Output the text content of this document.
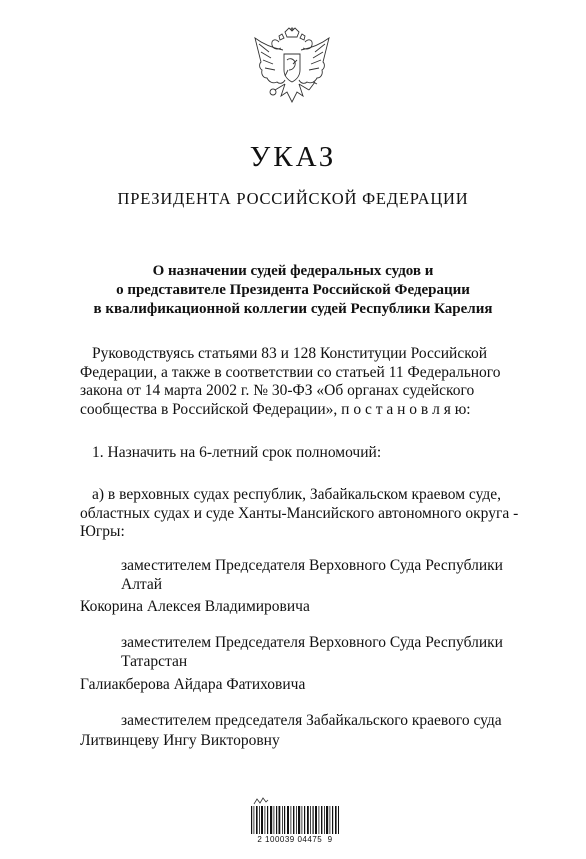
УКАЗ
ПРЕЗИДЕНТА РОССИЙСКОЙ ФЕДЕРАЦИИ
О назначении судей федеральных судов и
о представителе Президента Российской Федерации
в квалификационной коллегии судей Республики Карелия
Руководствуясь статьями 83 и 128 Конституции Российской
Федерации, а также в соответствии со статьей 11 Федерального
закона от 14 марта 2002 г. № 30-ФЗ «Об органах судейского
сообщества в Российской Федерации», п о с т а н о в л я ю:
1. Назначить на 6-летний срок полномочий:
а) в верховных судах республик, Забайкальском краевом суде,
областных судах и суде Ханты-Мансийского автономного округа -
Югры:
заместителем Председателя Верховного Суда Республики
Алтай
Кокорина Алексея Владимировича
заместителем Председателя Верховного Суда Республики
Татарстан
Галиакберова Айдара Фатиховича
заместителем председателя Забайкальского краевого суда
Литвинцеву Ингу Викторовну
2 100039 04475  9
